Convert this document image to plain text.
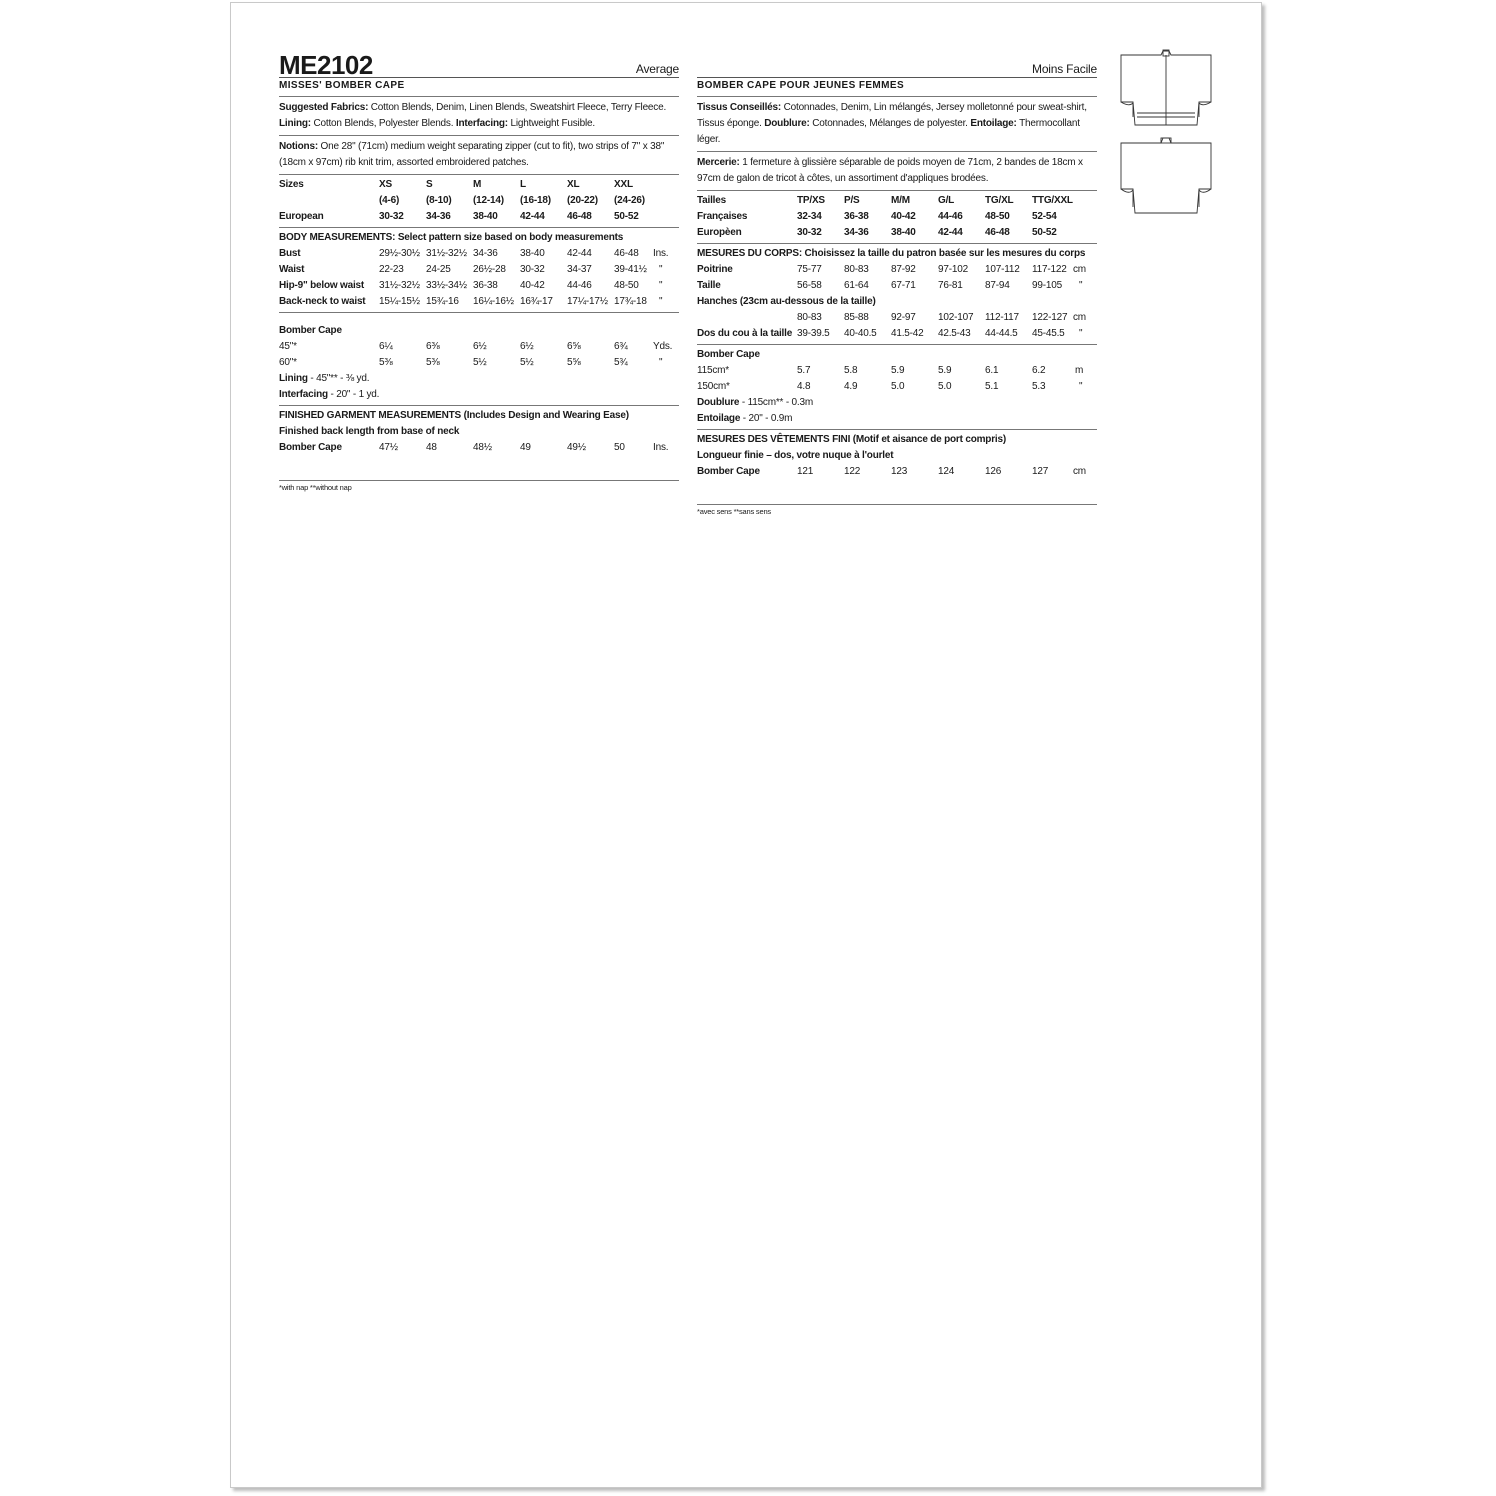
ME2102	Average
MISSES' BOMBER CAPE
Suggested Fabrics: Cotton Blends, Denim, Linen Blends, Sweatshirt Fleece, Terry Fleece. Lining: Cotton Blends, Polyester Blends. Interfacing: Lightweight Fusible.
Notions: One 28" (71cm) medium weight separating zipper (cut to fit), two strips of 7" x 38" (18cm x 97cm) rib knit trim, assorted embroidered patches.
Sizes	XS	S	M	L	XL	XXL
(4-6)	(8-10) (12-14) (16-18) (20-22) (24-26)
European	30-32 34-36 38-40 42-44 46-48 50-52
BODY MEASUREMENTS: Select pattern size based on body measurements
Bust	29½-30½ 31½-32½ 34-36 38-40 42-44 46-48 Ins.
Waist	22-23 24-25 26½-28 30-32 34-37 39-41½ "
Hip-9" below waist 31½-32½ 33½-34½ 36-38 40-42 44-46 48-50 "
Back-neck to waist 15¼-15½ 15¾-16 16¼-16½ 16¾-17 17¼-17½ 17¾-18 "
Bomber Cape
45"*	6¼	6⅜	6½	6½	6⅝	6¾	Yds.
60"*	5⅜	5⅜	5½	5½	5⅝	5¾	"
Lining - 45"** - ⅜ yd.
Interfacing - 20" - 1 yd.
FINISHED GARMENT MEASUREMENTS (Includes Design and Wearing Ease)
Finished back length from base of neck
Bomber Cape	47½	48	48½	49	49½	50	Ins.
*with nap **without nap
Moins Facile
BOMBER CAPE POUR JEUNES FEMMES
Tissus Conseillés: Cotonnades, Denim, Lin mélangés, Jersey molletonné pour sweat-shirt, Tissus éponge. Doublure: Cotonnades, Mélanges de polyester. Entoilage: Thermocollant léger.
Mercerie: 1 fermeture à glissière séparable de poids moyen de 71cm, 2 bandes de 18cm x 97cm de galon de tricot à côtes, un assortiment d'appliques brodées.
Tailles	TP/XS P/S	M/M	G/L	TG/XL TTG/XXL
Françaises	32-34 36-38 40-42 44-46 48-50 52-54
Europèen	30-32 34-36 38-40 42-44 46-48 50-52
MESURES DU CORPS: Choisissez la taille du patron basée sur les mesures du corps
Poitrine	75-77 80-83 87-92 97-102 107-112 117-122 cm
Taille	56-58 61-64 67-71 76-81 87-94 99-105 "
Hanches (23cm au-dessous de la taille)
80-83 85-88 92-97 102-107 112-117 122-127 cm
Dos du cou à la taille 39-39.5 40-40.5 41.5-42 42.5-43 44-44.5 45-45.5 "
Bomber Cape
115cm*	5.7	5.8	5.9	5.9	6.1	6.2	m
150cm*	4.8	4.9	5.0	5.0	5.1	5.3	"
Doublure - 115cm** - 0.3m
Entoilage - 20" - 0.9m
MESURES DES VÊTEMENTS FINI (Motif et aisance de port compris)
Longueur finie – dos, votre nuque à l'ourlet
Bomber Cape	121	122	123	124	126	127 cm
*avec sens **sans sens
